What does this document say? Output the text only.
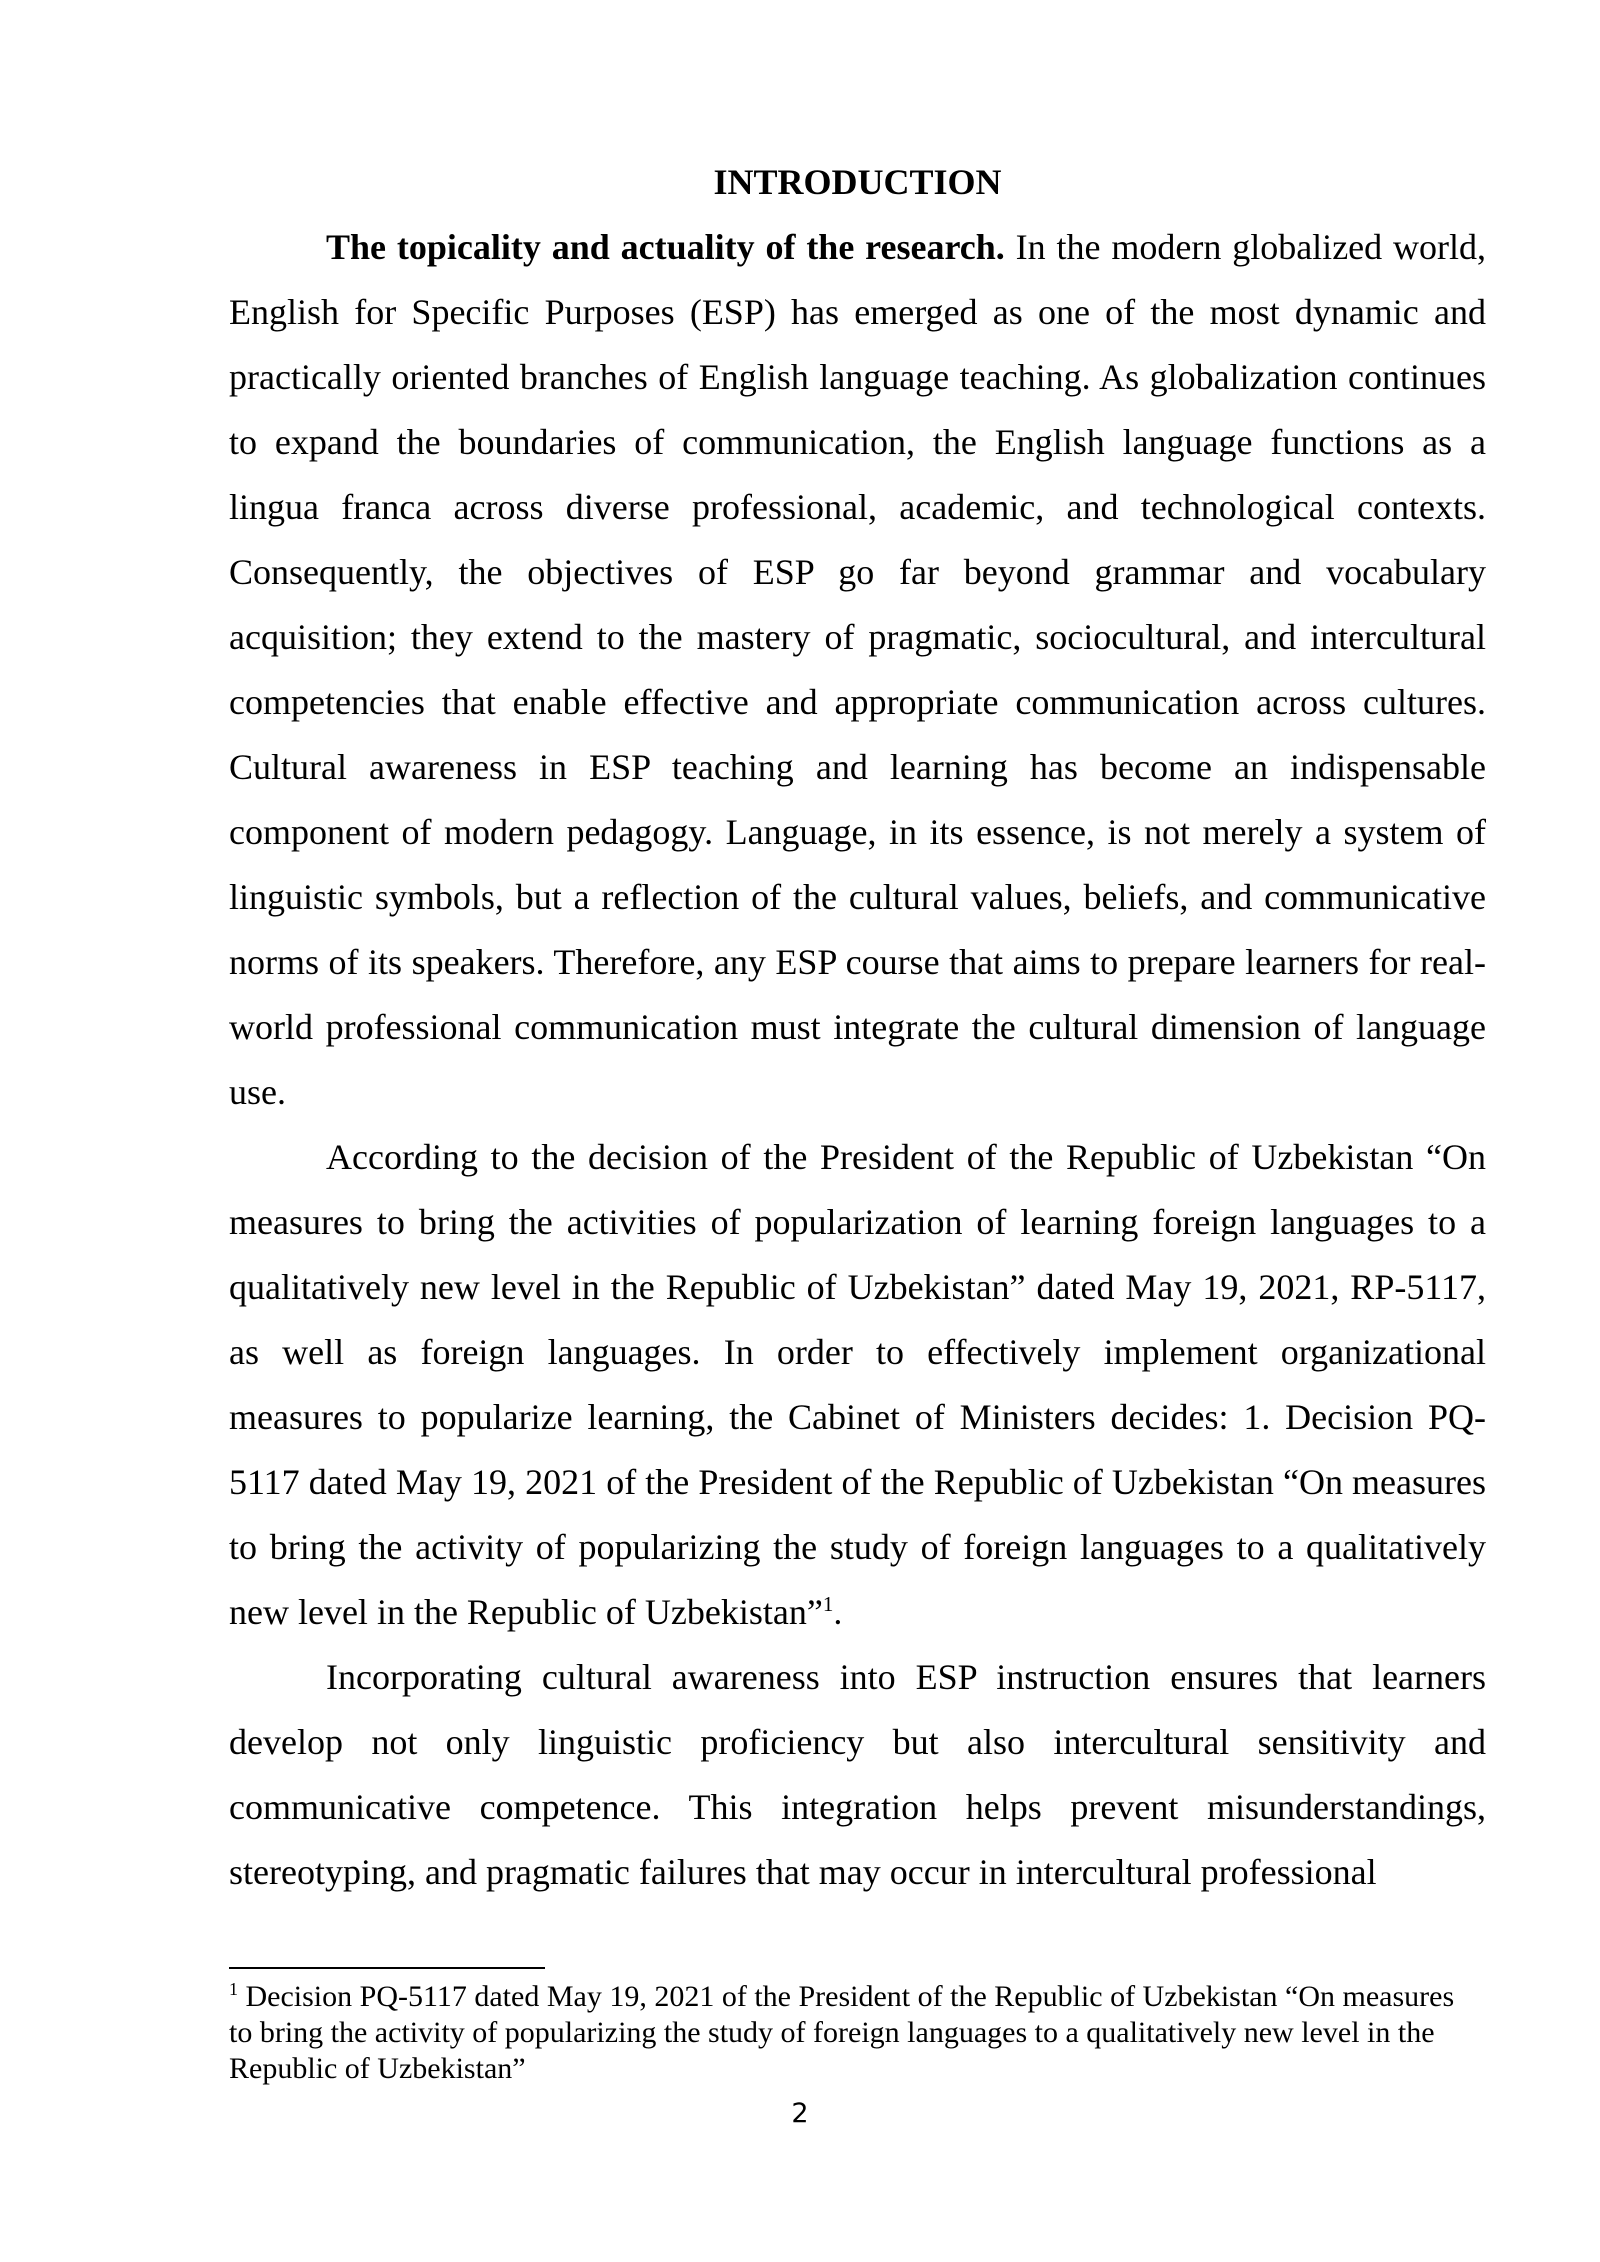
INTRODUCTION

The topicality and actuality of the research. In the modern globalized world, English for Specific Purposes (ESP) has emerged as one of the most dynamic and practically oriented branches of English language teaching. As globalization continues to expand the boundaries of communication, the English language functions as a lingua franca across diverse professional, academic, and technological contexts. Consequently, the objectives of ESP go far beyond grammar and vocabulary acquisition; they extend to the mastery of pragmatic, sociocultural, and intercultural competencies that enable effective and appropriate communication across cultures. Cultural awareness in ESP teaching and learning has become an indispensable component of modern pedagogy. Language, in its essence, is not merely a system of linguistic symbols, but a reflection of the cultural values, beliefs, and communicative norms of its speakers. Therefore, any ESP course that aims to prepare learners for real-world professional communication must integrate the cultural dimension of language use.

According to the decision of the President of the Republic of Uzbekistan “On measures to bring the activities of popularization of learning foreign languages to a qualitatively new level in the Republic of Uzbekistan” dated May 19, 2021, RP-5117, as well as foreign languages. In order to effectively implement organizational measures to popularize learning, the Cabinet of Ministers decides: 1. Decision PQ-5117 dated May 19, 2021 of the President of the Republic of Uzbekistan “On measures to bring the activity of popularizing the study of foreign languages to a qualitatively new level in the Republic of Uzbekistan”$^1$.

Incorporating cultural awareness into ESP instruction ensures that learners develop not only linguistic proficiency but also intercultural sensitivity and communicative competence. This integration helps prevent misunderstandings, stereotyping, and pragmatic failures that may occur in intercultural professional

$^1$ Decision PQ-5117 dated May 19, 2021 of the President of the Republic of Uzbekistan “On measures to bring the activity of popularizing the study of foreign languages to a qualitatively new level in the Republic of Uzbekistan”

2
